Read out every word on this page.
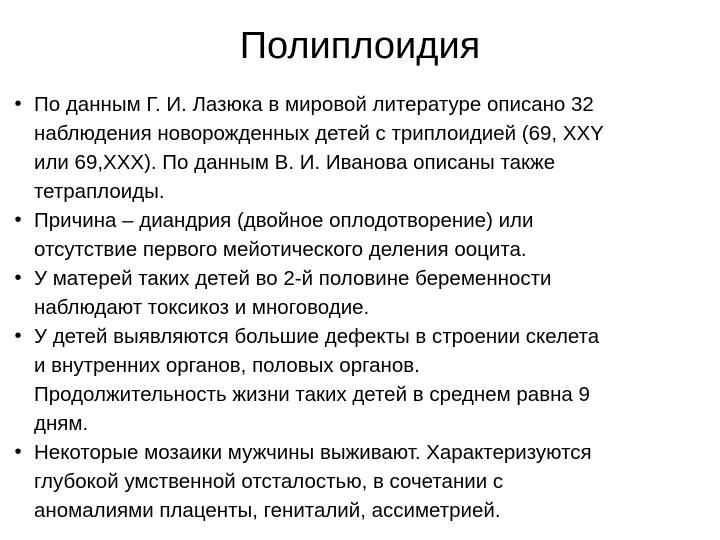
Полиплоидия
• По данным Г. И. Лазюка в мировой литературе описано 32
наблюдения новорожденных детей с триплоидией (69, XXY
или 69,XXX). По данным В. И. Иванова описаны также
тетраплоиды.
• Причина – диандрия (двойное оплодотворение) или
отсутствие первого мейотического деления ооцита.
• У матерей таких детей во 2-й половине беременности
наблюдают токсикоз и многоводие.
• У детей выявляются большие дефекты в строении скелета
и внутренних органов, половых органов.
Продолжительность жизни таких детей в среднем равна 9
дням.
• Некоторые мозаики мужчины выживают. Характеризуются
глубокой умственной отсталостью, в сочетании с
аномалиями плаценты, гениталий, ассиметрией.
